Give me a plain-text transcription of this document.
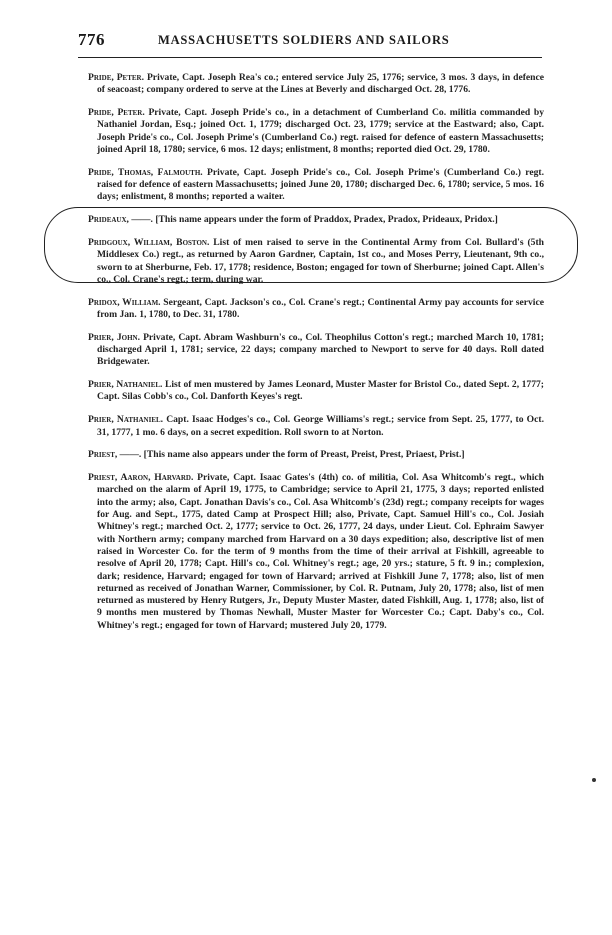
776	MASSACHUSETTS SOLDIERS AND SAILORS

Pride, Peter. Private, Capt. Joseph Rea's co.; entered service July 25, 1776; service, 3 mos. 3 days, in defence of seacoast; company ordered to serve at the Lines at Beverly and discharged Oct. 28, 1776.

Pride, Peter. Private, Capt. Joseph Pride's co., in a detachment of Cumberland Co. militia commanded by Nathaniel Jordan, Esq.; joined Oct. 1, 1779; discharged Oct. 23, 1779; service at the Eastward; also, Capt. Joseph Pride's co., Col. Joseph Prime's (Cumberland Co.) regt. raised for defence of eastern Massachusetts; joined April 18, 1780; service, 6 mos. 12 days; enlistment, 8 months; reported died Oct. 29, 1780.

Pride, Thomas, Falmouth. Private, Capt. Joseph Pride's co., Col. Joseph Prime's (Cumberland Co.) regt. raised for defence of eastern Massachusetts; joined June 20, 1780; discharged Dec. 6, 1780; service, 5 mos. 16 days; enlistment, 8 months; reported a waiter.

Prideaux, ——. [This name appears under the form of Praddox, Pradex, Pradox, Prideaux, Pridox.]

Pridgoux, William, Boston. List of men raised to serve in the Continental Army from Col. Bullard's (5th Middlesex Co.) regt., as returned by Aaron Gardner, Captain, 1st co., and Moses Perry, Lieutenant, 9th co., sworn to at Sherburne, Feb. 17, 1778; residence, Boston; engaged for town of Sherburne; joined Capt. Allen's co., Col. Crane's regt.; term, during war.

Pridox, William. Sergeant, Capt. Jackson's co., Col. Crane's regt.; Continental Army pay accounts for service from Jan. 1, 1780, to Dec. 31, 1780.

Prier, John. Private, Capt. Abram Washburn's co., Col. Theophilus Cotton's regt.; marched March 10, 1781; discharged April 1, 1781; service, 22 days; company marched to Newport to serve for 40 days. Roll dated Bridgewater.

Prier, Nathaniel. List of men mustered by James Leonard, Muster Master for Bristol Co., dated Sept. 2, 1777; Capt. Silas Cobb's co., Col. Danforth Keyes's regt.

Prier, Nathaniel. Capt. Isaac Hodges's co., Col. George Williams's regt.; service from Sept. 25, 1777, to Oct. 31, 1777, 1 mo. 6 days, on a secret expedition. Roll sworn to at Norton.

Priest, ——. [This name also appears under the form of Preast, Preist, Prest, Priaest, Prist.]

Priest, Aaron, Harvard. Private, Capt. Isaac Gates's (4th) co. of militia, Col. Asa Whitcomb's regt., which marched on the alarm of April 19, 1775, to Cambridge; service to April 21, 1775, 3 days; reported enlisted into the army; also, Capt. Jonathan Davis's co., Col. Asa Whitcomb's (23d) regt.; company receipts for wages for Aug. and Sept., 1775, dated Camp at Prospect Hill; also, Private, Capt. Samuel Hill's co., Col. Josiah Whitney's regt.; marched Oct. 2, 1777; service to Oct. 26, 1777, 24 days, under Lieut. Col. Ephraim Sawyer with Northern army; company marched from Harvard on a 30 days expedition; also, descriptive list of men raised in Worcester Co. for the term of 9 months from the time of their arrival at Fishkill, agreeable to resolve of April 20, 1778; Capt. Hill's co., Col. Whitney's regt.; age, 20 yrs.; stature, 5 ft. 9 in.; complexion, dark; residence, Harvard; engaged for town of Harvard; arrived at Fishkill June 7, 1778; also, list of men returned as received of Jonathan Warner, Commissioner, by Col. R. Putnam, July 20, 1778; also, list of men returned as mustered by Henry Rutgers, Jr., Deputy Muster Master, dated Fishkill, Aug. 1, 1778; also, list of 9 months men mustered by Thomas Newhall, Muster Master for Worcester Co.; Capt. Daby's co., Col. Whitney's regt.; engaged for town of Harvard; mustered July 20, 1779.
